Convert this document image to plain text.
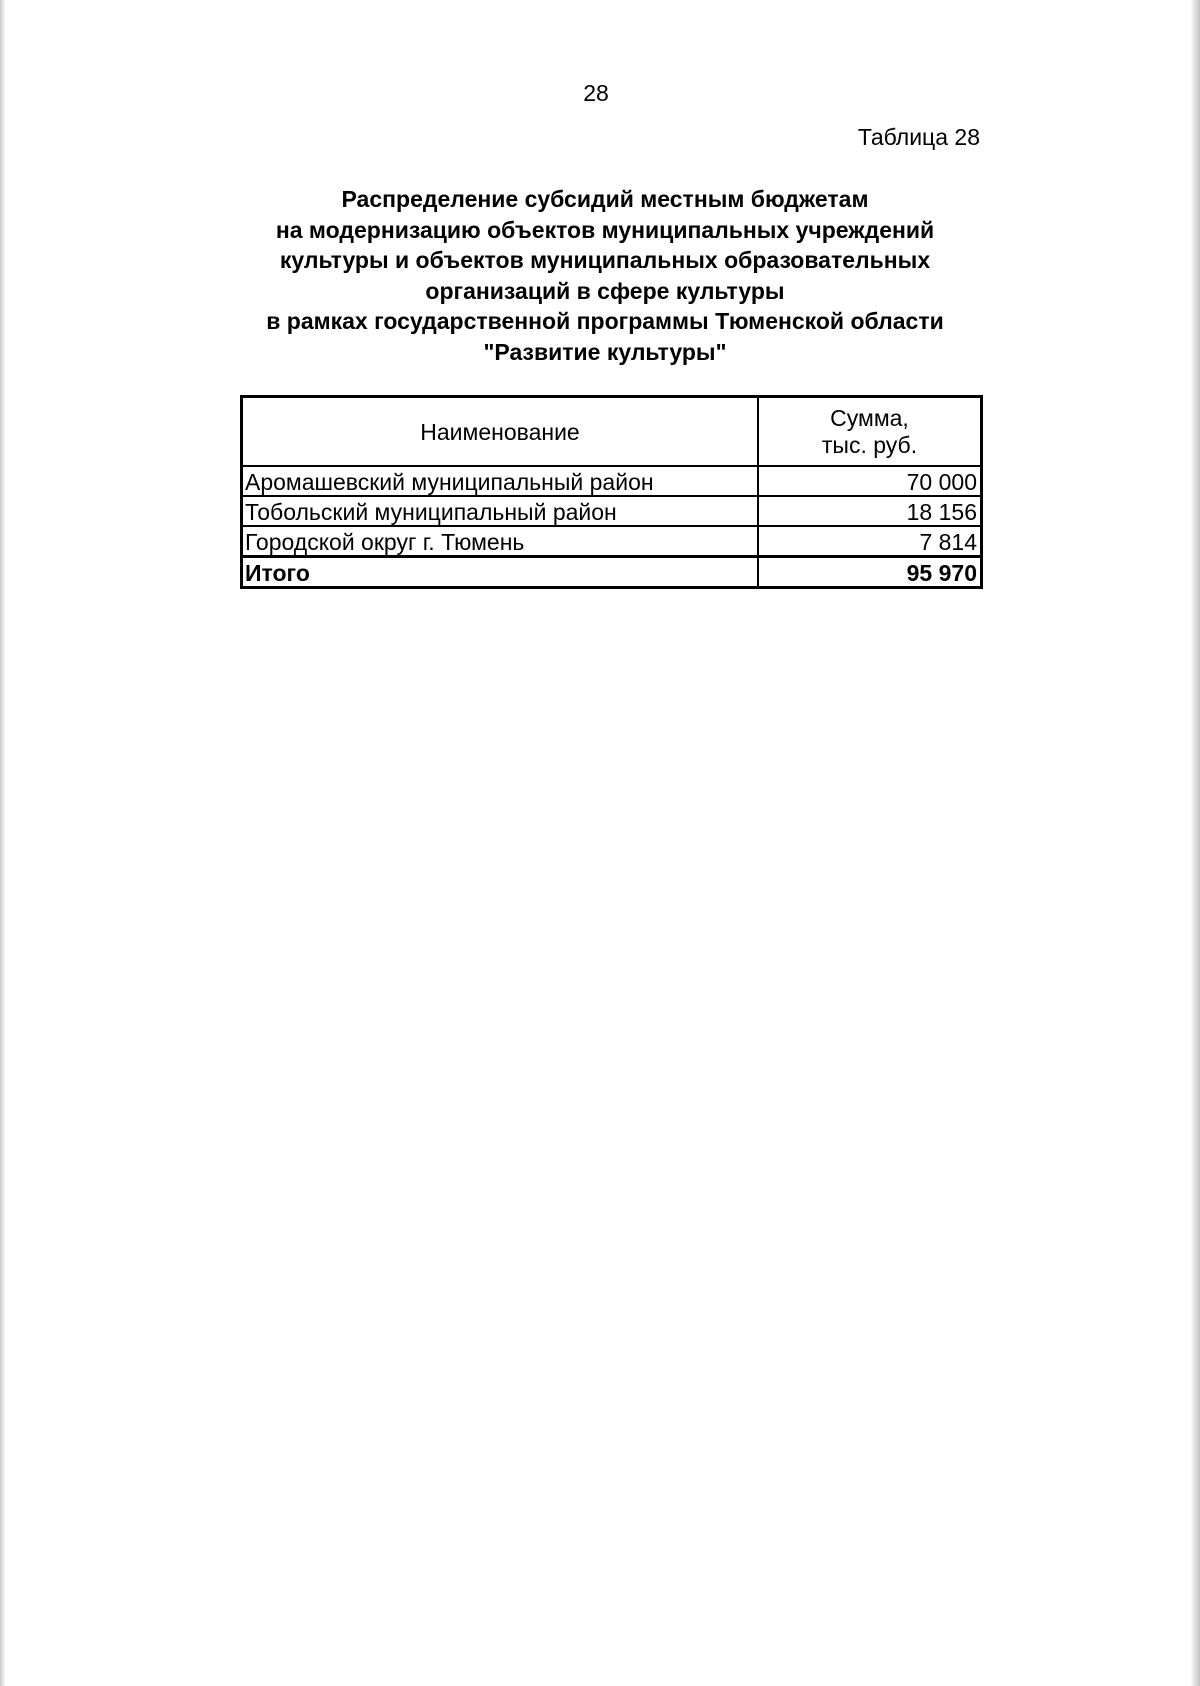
28
Таблица 28
Распределение субсидий местным бюджетам
на модернизацию объектов муниципальных учреждений
культуры и объектов муниципальных образовательных
организаций в сфере культуры
в рамках государственной программы Тюменской области
"Развитие культуры"
Наименование	Сумма,
тыс. руб.

Аромашевский муниципальный район	70 000
Тобольский муниципальный район	18 156
Городской округ г. Тюмень	7 814
Итого	95 970
